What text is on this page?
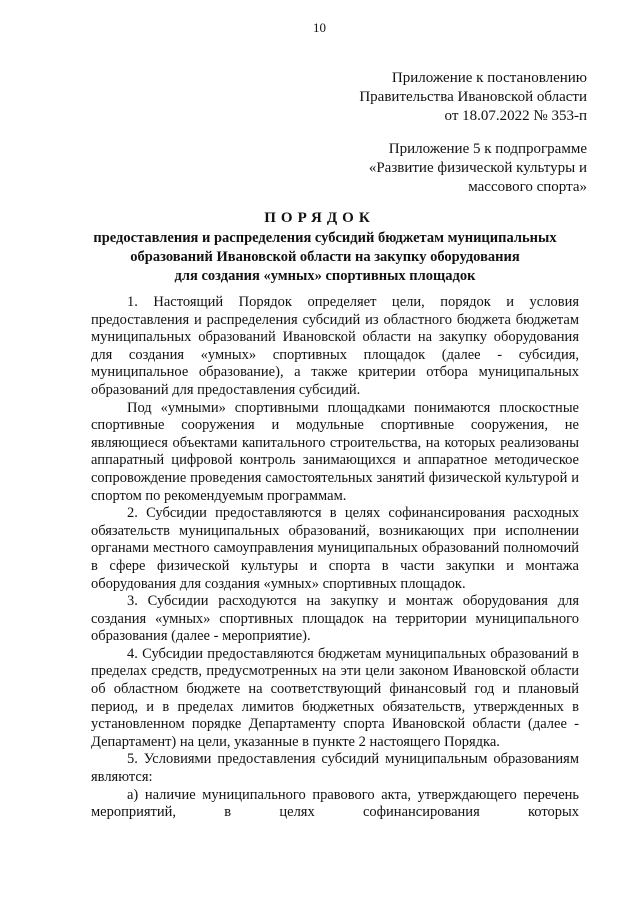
10
Приложение к постановлению
Правительства Ивановской области
от 18.07.2022 № 353-п
Приложение 5 к подпрограмме
«Развитие физической культуры и
массового спорта»
ПОРЯДОК
предоставления и распределения субсидий бюджетам муниципальных
образований Ивановской области на закупку оборудования
для создания «умных» спортивных площадок

1. Настоящий Порядок определяет цели, порядок и условия предоставления и распределения субсидий из областного бюджета бюджетам муниципальных образований Ивановской области на закупку оборудования для создания «умных» спортивных площадок (далее - субсидия, муниципальное образование), а также критерии отбора муниципальных образований для предоставления субсидий.

Под «умными» спортивными площадками понимаются плоскостные спортивные сооружения и модульные спортивные сооружения, не являющиеся объектами капитального строительства, на которых реализованы аппаратный цифровой контроль занимающихся и аппаратное методическое сопровождение проведения самостоятельных занятий физической культурой и спортом по рекомендуемым программам.

2. Субсидии предоставляются в целях софинансирования расходных обязательств муниципальных образований, возникающих при исполнении органами местного самоуправления муниципальных образований полномочий в сфере физической культуры и спорта в части закупки и монтажа оборудования для создания «умных» спортивных площадок.

3. Субсидии расходуются на закупку и монтаж оборудования для создания «умных» спортивных площадок на территории муниципального образования (далее - мероприятие).

4. Субсидии предоставляются бюджетам муниципальных образований в пределах средств, предусмотренных на эти цели законом Ивановской области об областном бюджете на соответствующий финансовый год и плановый период, и в пределах лимитов бюджетных обязательств, утвержденных в установленном порядке Департаменту спорта Ивановской области (далее - Департамент) на цели, указанные в пункте 2 настоящего Порядка.

5. Условиями предоставления субсидий муниципальным образованиям являются:

а) наличие муниципального правового акта, утверждающего перечень мероприятий, в целях софинансирования которых
